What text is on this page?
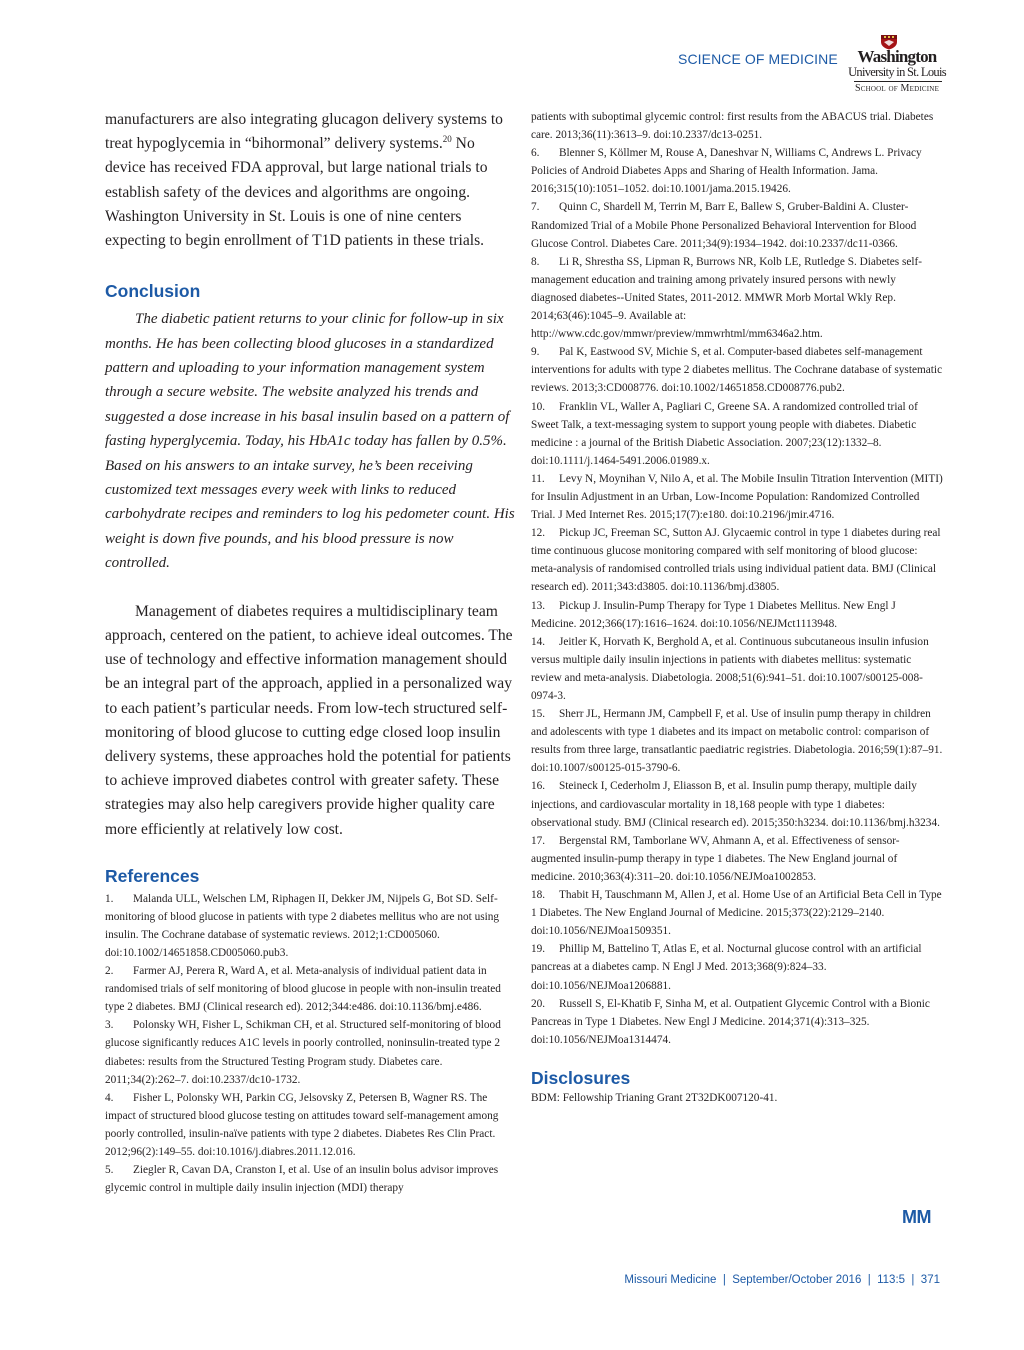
SCIENCE OF MEDICINE	Washington
University in St. Louis
School of Medicine

manufacturers are also integrating glucagon delivery systems to treat hypoglycemia in “bihormonal” delivery systems.$^{20}$ No device has received FDA approval, but large national trials to establish safety of the devices and algorithms are ongoing. Washington University in St. Louis is one of nine centers expecting to begin enrollment of T1D patients in these trials.

Conclusion

The diabetic patient returns to your clinic for follow-up in six months. He has been collecting blood glucoses in a standardized pattern and uploading to your information management system through a secure website. The website analyzed his trends and suggested a dose increase in his basal insulin based on a pattern of fasting hyperglycemia. Today, his HbA1c today has fallen by 0.5%. Based on his answers to an intake survey, he’s been receiving customized text messages every week with links to reduced carbohydrate recipes and reminders to log his pedometer count. His weight is down five pounds, and his blood pressure is now controlled.

Management of diabetes requires a multidisciplinary team approach, centered on the patient, to achieve ideal outcomes. The use of technology and effective information management should be an integral part of the approach, applied in a personalized way to each patient’s particular needs. From low-tech structured self-monitoring of blood glucose to cutting edge closed loop insulin delivery systems, these approaches hold the potential for patients to achieve improved diabetes control with greater safety. These strategies may also help caregivers provide higher quality care more efficiently at relatively low cost.

References

1. Malanda ULL, Welschen LM, Riphagen II, Dekker JM, Nijpels G, Bot SD. Self-monitoring of blood glucose in patients with type 2 diabetes mellitus who are not using insulin. The Cochrane database of systematic reviews. 2012;1:CD005060. doi:10.1002/14651858.CD005060.pub3.

2. Farmer AJ, Perera R, Ward A, et al. Meta-analysis of individual patient data in randomised trials of self monitoring of blood glucose in people with non-insulin treated type 2 diabetes. BMJ (Clinical research ed). 2012;344:e486. doi:10.1136/bmj.e486.

3. Polonsky WH, Fisher L, Schikman CH, et al. Structured self-monitoring of blood glucose significantly reduces A1C levels in poorly controlled, noninsulin-treated type 2 diabetes: results from the Structured Testing Program study. Diabetes care. 2011;34(2):262–7. doi:10.2337/dc10-1732.

4. Fisher L, Polonsky WH, Parkin CG, Jelsovsky Z, Petersen B, Wagner RS. The impact of structured blood glucose testing on attitudes toward self-management among poorly controlled, insulin-naïve patients with type 2 diabetes. Diabetes Res Clin Pract. 2012;96(2):149–55. doi:10.1016/j.diabres.2011.12.016.

5. Ziegler R, Cavan DA, Cranston I, et al. Use of an insulin bolus advisor improves glycemic control in multiple daily insulin injection (MDI) therapy

patients with suboptimal glycemic control: first results from the ABACUS trial. Diabetes care. 2013;36(11):3613–9. doi:10.2337/dc13-0251.

6. Blenner S, Köllmer M, Rouse A, Daneshvar N, Williams C, Andrews L. Privacy Policies of Android Diabetes Apps and Sharing of Health Information. Jama. 2016;315(10):1051–1052. doi:10.1001/jama.2015.19426.

7. Quinn C, Shardell M, Terrin M, Barr E, Ballew S, Gruber-Baldini A. Cluster-Randomized Trial of a Mobile Phone Personalized Behavioral Intervention for Blood Glucose Control. Diabetes Care. 2011;34(9):1934–1942. doi:10.2337/dc11-0366.

8. Li R, Shrestha SS, Lipman R, Burrows NR, Kolb LE, Rutledge S. Diabetes self-management education and training among privately insured persons with newly diagnosed diabetes--United States, 2011-2012. MMWR Morb Mortal Wkly Rep. 2014;63(46):1045–9. Available at: http://www.cdc.gov/mmwr/preview/mmwrhtml/mm6346a2.htm.

9. Pal K, Eastwood SV, Michie S, et al. Computer-based diabetes self-management interventions for adults with type 2 diabetes mellitus. The Cochrane database of systematic reviews. 2013;3:CD008776. doi:10.1002/14651858.CD008776.pub2.

10. Franklin VL, Waller A, Pagliari C, Greene SA. A randomized controlled trial of Sweet Talk, a text-messaging system to support young people with diabetes. Diabetic medicine : a journal of the British Diabetic Association. 2007;23(12):1332–8. doi:10.1111/j.1464-5491.2006.01989.x.

11. Levy N, Moynihan V, Nilo A, et al. The Mobile Insulin Titration Intervention (MITI) for Insulin Adjustment in an Urban, Low-Income Population: Randomized Controlled Trial. J Med Internet Res. 2015;17(7):e180. doi:10.2196/jmir.4716.

12. Pickup JC, Freeman SC, Sutton AJ. Glycaemic control in type 1 diabetes during real time continuous glucose monitoring compared with self monitoring of blood glucose: meta-analysis of randomised controlled trials using individual patient data. BMJ (Clinical research ed). 2011;343:d3805. doi:10.1136/bmj.d3805.

13. Pickup J. Insulin-Pump Therapy for Type 1 Diabetes Mellitus. New Engl J Medicine. 2012;366(17):1616–1624. doi:10.1056/NEJMct1113948.

14. Jeitler K, Horvath K, Berghold A, et al. Continuous subcutaneous insulin infusion versus multiple daily insulin injections in patients with diabetes mellitus: systematic review and meta-analysis. Diabetologia. 2008;51(6):941–51. doi:10.1007/s00125-008-0974-3.

15. Sherr JL, Hermann JM, Campbell F, et al. Use of insulin pump therapy in children and adolescents with type 1 diabetes and its impact on metabolic control: comparison of results from three large, transatlantic paediatric registries. Diabetologia. 2016;59(1):87–91. doi:10.1007/s00125-015-3790-6.

16. Steineck I, Cederholm J, Eliasson B, et al. Insulin pump therapy, multiple daily injections, and cardiovascular mortality in 18,168 people with type 1 diabetes: observational study. BMJ (Clinical research ed). 2015;350:h3234. doi:10.1136/bmj.h3234.

17. Bergenstal RM, Tamborlane WV, Ahmann A, et al. Effectiveness of sensor-augmented insulin-pump therapy in type 1 diabetes. The New England journal of medicine. 2010;363(4):311–20. doi:10.1056/NEJMoa1002853.

18. Thabit H, Tauschmann M, Allen J, et al. Home Use of an Artificial Beta Cell in Type 1 Diabetes. The New England Journal of Medicine. 2015;373(22):2129–2140. doi:10.1056/NEJMoa1509351.

19. Phillip M, Battelino T, Atlas E, et al. Nocturnal glucose control with an artificial pancreas at a diabetes camp. N Engl J Med. 2013;368(9):824–33. doi:10.1056/NEJMoa1206881.

20. Russell S, El-Khatib F, Sinha M, et al. Outpatient Glycemic Control with a Bionic Pancreas in Type 1 Diabetes. New Engl J Medicine. 2014;371(4):313–325. doi:10.1056/NEJMoa1314474.

Disclosures

BDM: Fellowship Trianing Grant 2T32DK007120-41.

MM
Missouri Medicine  |  September/October 2016  |  113:5  |  371
